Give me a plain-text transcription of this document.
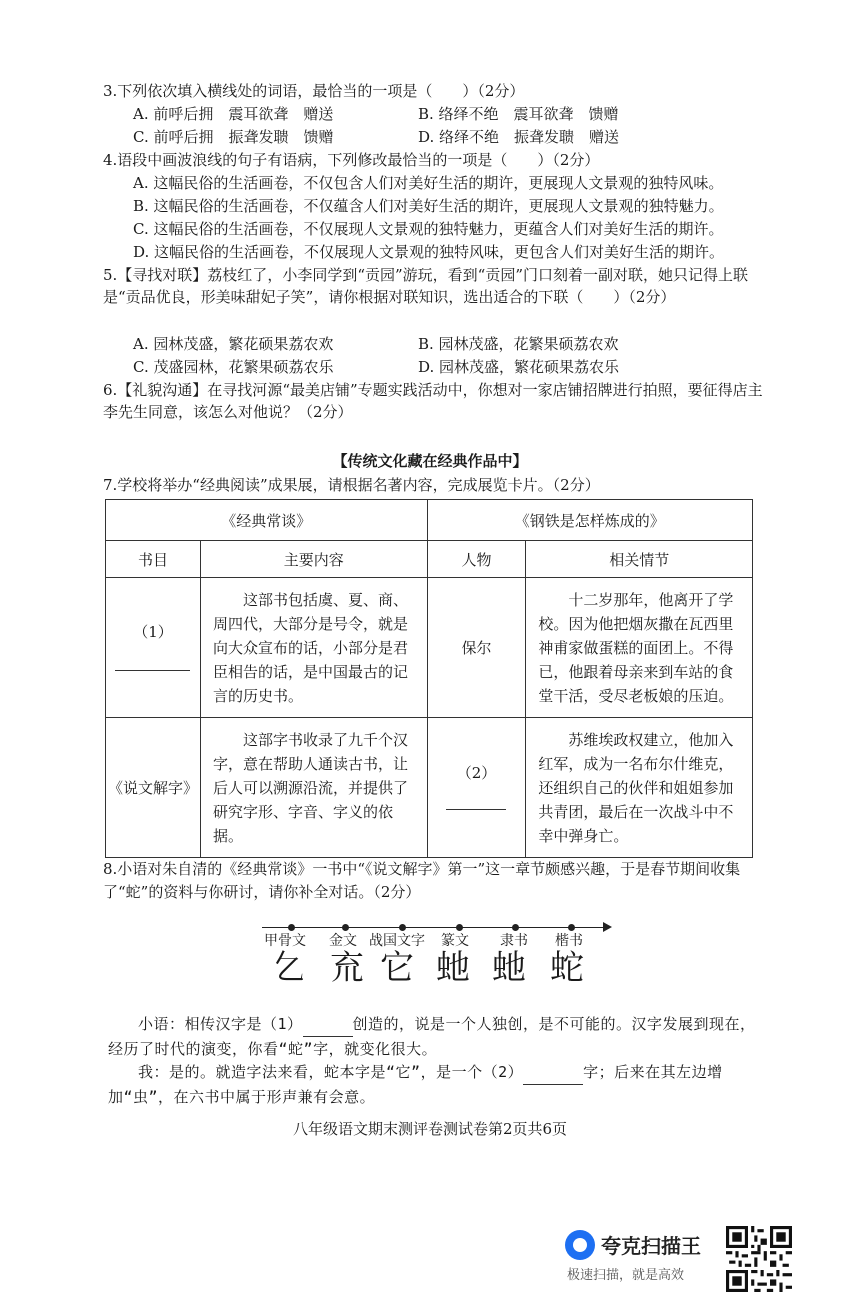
3.下列依次填入横线处的词语，最恰当的一项是（　　）（2分）
A. 前呼后拥　震耳欲聋　赠送	B. 络绎不绝　震耳欲聋　馈赠
C. 前呼后拥　振聋发聩　馈赠	D. 络绎不绝　振聋发聩　赠送
4.语段中画波浪线的句子有语病，下列修改最恰当的一项是（　　）（2分）
A. 这幅民俗的生活画卷，不仅包含人们对美好生活的期许，更展现人文景观的独特风味。
B. 这幅民俗的生活画卷，不仅蕴含人们对美好生活的期许，更展现人文景观的独特魅力。
C. 这幅民俗的生活画卷，不仅展现人文景观的独特魅力，更蕴含人们对美好生活的期许。
D. 这幅民俗的生活画卷，不仅展现人文景观的独特风味，更包含人们对美好生活的期许。
5.【寻找对联】荔枝红了，小李同学到“贡园”游玩，看到“贡园”门口刻着一副对联，她只记得上联是“贡品优良，形美味甜妃子笑”，请你根据对联知识，选出适合的下联（　　）（2分）
A. 园林茂盛，繁花硕果荔农欢	B. 园林茂盛，花繁果硕荔农欢
C. 茂盛园林，花繁果硕荔农乐	D. 园林茂盛，繁花硕果荔农乐
6.【礼貌沟通】在寻找河源“最美店铺”专题实践活动中，你想对一家店铺招牌进行拍照，要征得店主李先生同意，该怎么对他说？（2分）
【传统文化藏在经典作品中】
7.学校将举办“经典阅读”成果展，请根据名著内容，完成展览卡片。（2分）
《经典常谈》		《钢铁是怎样炼成的》	
书目	主要内容	人物	相关情节

（1）	这部书包括虞、夏、商、周四代，大部分是号令，就是向大众宣布的话，小部分是君臣相告的话，是中国最古的记言的历史书。	保尔	十二岁那年，他离开了学校。因为他把烟灰撒在瓦西里神甫家做蛋糕的面团上。不得已，他跟着母亲来到车站的食堂干活，受尽老板娘的压迫。
《说文解字》	这部字书收录了九千个汉字，意在帮助人通读古书，让后人可以溯源沿流，并提供了研究字形、字音、字义的依据。	（2）	苏维埃政权建立，他加入红军，成为一名布尔什维克，还组织自己的伙伴和姐姐参加共青团，最后在一次战斗中不幸中弹身亡。
8.小语对朱自清的《经典常谈》一书中“《说文解字》第一”这一章节颇感兴趣，于是春节期间收集了“蛇”的资料与你研讨，请你补全对话。（2分）
甲骨文 金文 战国文字 篆文 隶书 楷书
𠃉 㐬 它 虵 虵 蛇
小语：相传汉字是（1）	创造的，说是一个人独创，是不可能的。汉字发展到现在，经历了时代的演变，你看“蛇”字，就变化很大。
我：是的。就造字法来看，蛇本字是“它”，是一个（2）	字；后来在其左边增加“虫”，在六书中属于形声兼有会意。
八年级语文期末测评卷测试卷第2页共6页
夸克扫描王
极速扫描，就是高效
